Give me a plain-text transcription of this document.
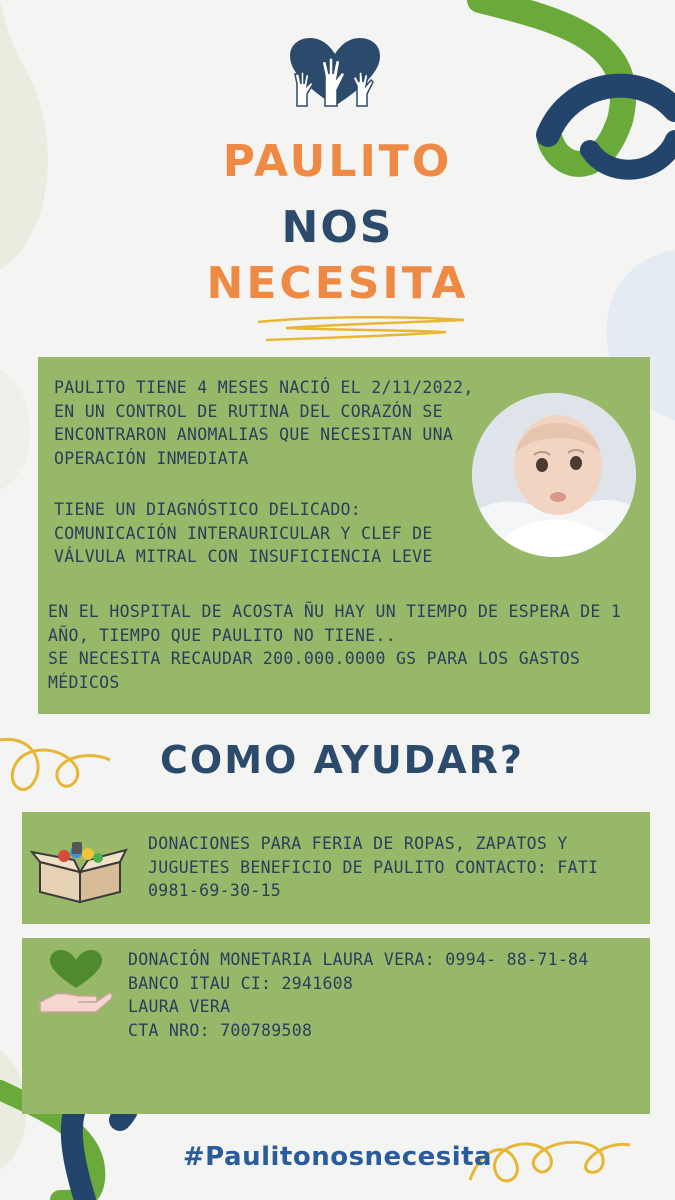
PAULITO
NOS
NECESITA
PAULITO TIENE 4 MESES NACIÓ EL 2/11/2022, EN UN CONTROL DE RUTINA DEL CORAZÓN SE ENCONTRARON ANOMALIAS QUE NECESITAN UNA OPERACIÓN INMEDIATA
TIENE UN DIAGNÓSTICO DELICADO: COMUNICACIÓN INTERAURICULAR Y CLEF DE VÁLVULA MITRAL CON INSUFICIENCIA LEVE
EN EL HOSPITAL DE ACOSTA ÑU HAY UN TIEMPO DE ESPERA DE 1 AÑO, TIEMPO QUE PAULITO NO TIENE..
SE NECESITA RECAUDAR 200.000.0000 GS PARA LOS GASTOS MÉDICOS
COMO AYUDAR?
DONACIONES PARA FERIA DE ROPAS, ZAPATOS Y JUGUETES BENEFICIO DE PAULITO CONTACTO: FATI 0981-69-30-15
DONACIÓN MONETARIA LAURA VERA: 0994- 88-71-84
BANCO ITAU CI: 2941608
LAURA VERA
CTA NRO: 700789508
#Paulitonosnecesita
